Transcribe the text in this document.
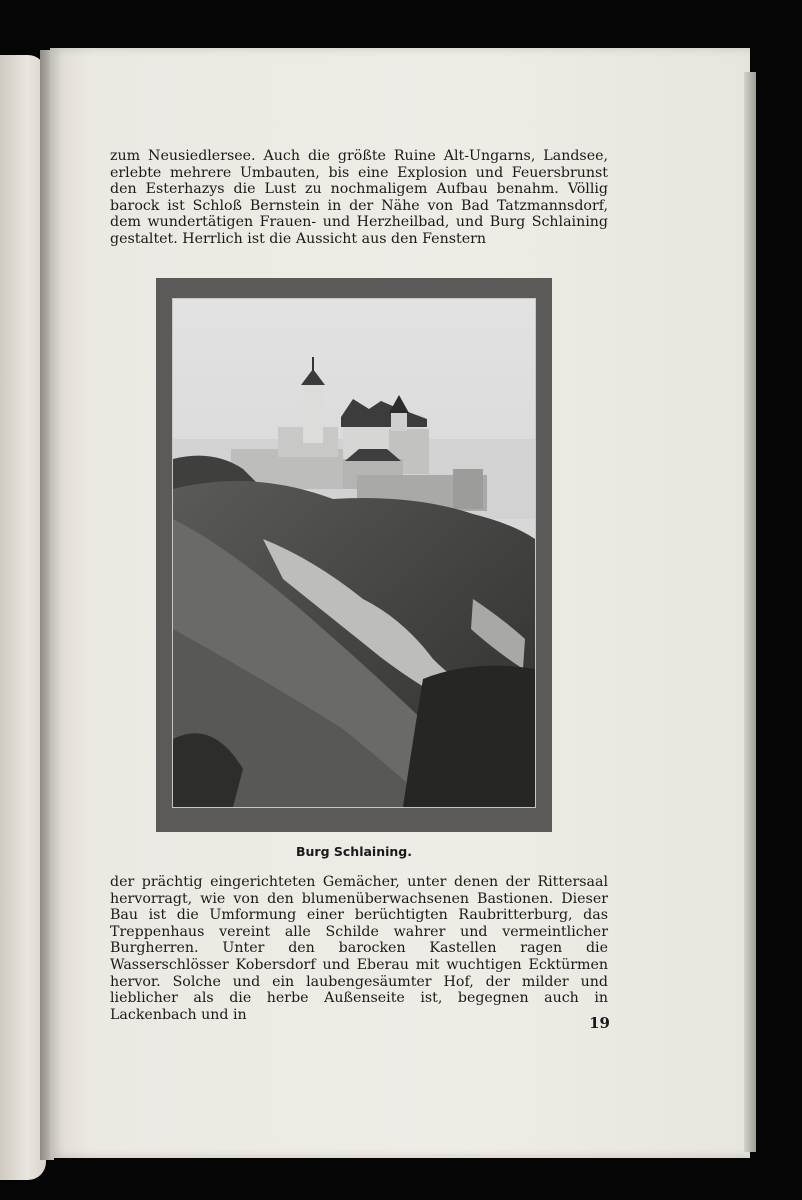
zum Neusiedlersee. Auch die größte Ruine Alt-Ungarns, Landsee, erlebte mehrere Umbauten, bis eine Explosion und Feuersbrunst den Esterhazys die Lust zu nochmaligem Aufbau benahm. Völlig barock ist Schloß Bernstein in der Nähe von Bad Tatzmannsdorf, dem wundertätigen Frauen- und Herzheilbad, und Burg Schlaining gestaltet. Herrlich ist die Aussicht aus den Fenstern

Burg Schlaining.

der prächtig eingerichteten Gemächer, unter denen der Rittersaal hervorragt, wie von den blumenüberwachsenen Bastionen. Dieser Bau ist die Umformung einer berüchtigten Raubritterburg, das Treppenhaus vereint alle Schilde wahrer und vermeintlicher Burgherren. Unter den barocken Kastellen ragen die Wasserschlösser Kobersdorf und Eberau mit wuchtigen Ecktürmen hervor. Solche und ein laubengesäumter Hof, der milder und lieblicher als die herbe Außenseite ist, begegnen auch in Lackenbach und in	19
